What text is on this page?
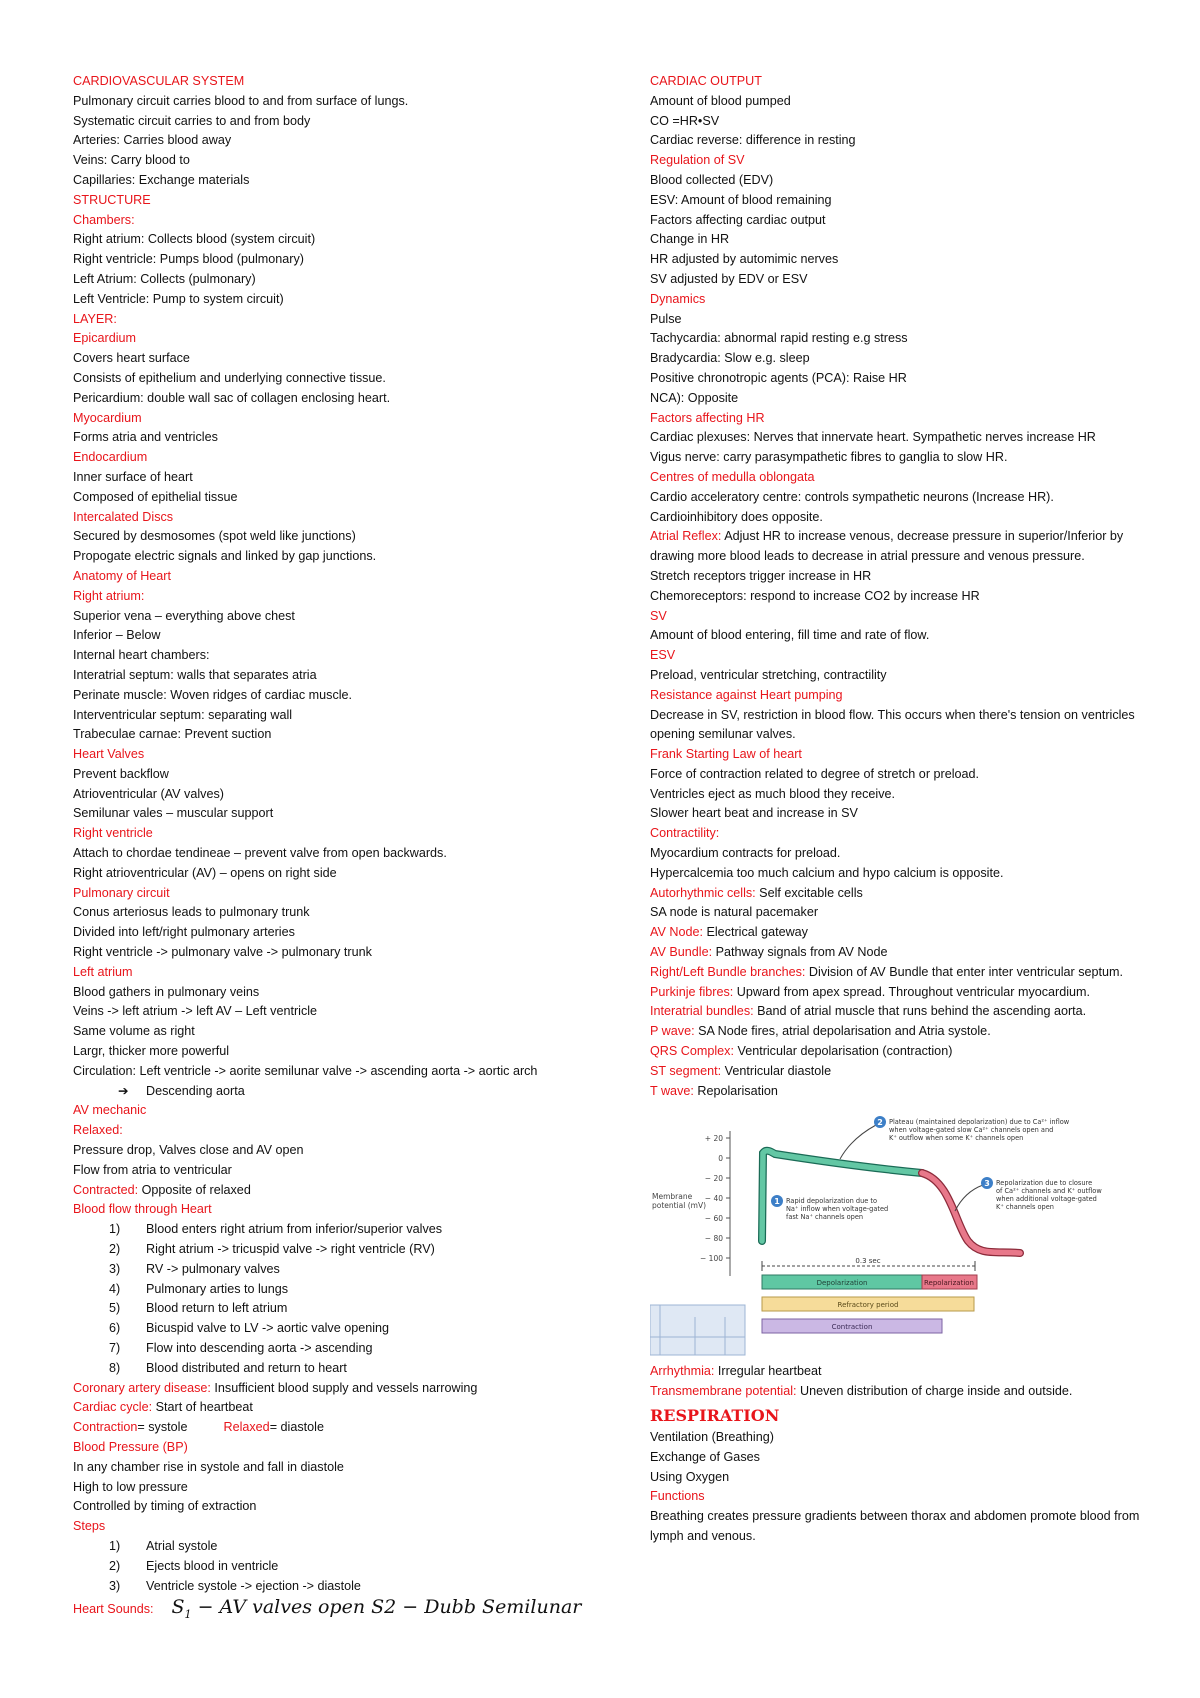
CARDIOVASCULAR SYSTEM
Pulmonary circuit carries blood to and from surface of lungs.
Systematic circuit carries to and from body
Arteries: Carries blood away
Veins: Carry blood to
Capillaries: Exchange materials
STRUCTURE
Chambers:
Right atrium: Collects blood (system circuit)
Right ventricle: Pumps blood (pulmonary)
Left Atrium: Collects (pulmonary)
Left Ventricle: Pump to system circuit)
LAYER:
Epicardium
Covers heart surface
Consists of epithelium and underlying connective tissue.
Pericardium: double wall sac of collagen enclosing heart.
Myocardium
Forms atria and ventricles
Endocardium
Inner surface of heart
Composed of epithelial tissue
Intercalated Discs
Secured by desmosomes (spot weld like junctions)
Propogate electric signals and linked by gap junctions.
Anatomy of Heart
Right atrium:
Superior vena – everything above chest
Inferior – Below
Internal heart chambers:
Interatrial septum: walls that separates atria
Perinate muscle: Woven ridges of cardiac muscle.
Interventricular septum: separating wall
Trabeculae carnae: Prevent suction
Heart Valves
Prevent backflow
Atrioventricular (AV valves)
Semilunar vales – muscular support
Right ventricle
Attach to chordae tendineae – prevent valve from open backwards.
Right atrioventricular (AV) – opens on right side
Pulmonary circuit
Conus arteriosus leads to pulmonary trunk
Divided into left/right pulmonary arteries
Right ventricle -> pulmonary valve -> pulmonary trunk
Left atrium
Blood gathers in pulmonary veins
Veins -> left atrium -> left AV – Left ventricle
Same volume as right
Largr, thicker more powerful
Circulation: Left ventricle -> aorite semilunar valve -> ascending aorta -> aortic arch
➔ Descending aorta
AV mechanic
Relaxed:
Pressure drop, Valves close and AV open
Flow from atria to ventricular
Contracted: Opposite of relaxed
Blood flow through Heart
1) Blood enters right atrium from inferior/superior valves
2) Right atrium -> tricuspid valve -> right ventricle (RV)
3) RV -> pulmonary valves
4) Pulmonary arties to lungs
5) Blood return to left atrium
6) Bicuspid valve to LV -> aortic valve opening
7) Flow into descending aorta -> ascending
8) Blood distributed and return to heart
Coronary artery disease: Insufficient blood supply and vessels narrowing
Cardiac cycle: Start of heartbeat
Contraction= systole	Relaxed= diastole
Blood Pressure (BP)
In any chamber rise in systole and fall in diastole
High to low pressure
Controlled by timing of extraction
Steps
1) Atrial systole
2) Ejects blood in ventricle
3) Ventricle systole -> ejection -> diastole
Heart Sounds: $S_1$ − AV valves open S2 − Dubb Semilunar
CARDIAC OUTPUT
Amount of blood pumped
CO =HR•SV
Cardiac reverse: difference in resting
Regulation of SV
Blood collected (EDV)
ESV: Amount of blood remaining
Factors affecting cardiac output
Change in HR
HR adjusted by automimic nerves
SV adjusted by EDV or ESV
Dynamics
Pulse
Tachycardia: abnormal rapid resting e.g stress
Bradycardia: Slow e.g. sleep
Positive chronotropic agents (PCA): Raise HR
NCA): Opposite
Factors affecting HR
Cardiac plexuses: Nerves that innervate heart. Sympathetic nerves increase HR
Vigus nerve: carry parasympathetic fibres to ganglia to slow HR.
Centres of medulla oblongata
Cardio acceleratory centre: controls sympathetic neurons (Increase HR).
Cardioinhibitory does opposite.
Atrial Reflex: Adjust HR to increase venous, decrease pressure in superior/Inferior by drawing more blood leads to decrease in atrial pressure and venous pressure.
Stretch receptors trigger increase in HR
Chemoreceptors: respond to increase CO2 by increase HR
SV
Amount of blood entering, fill time and rate of flow.
ESV
Preload, ventricular stretching, contractility
Resistance against Heart pumping
Decrease in SV, restriction in blood flow. This occurs when there's tension on ventricles opening semilunar valves.
Frank Starting Law of heart
Force of contraction related to degree of stretch or preload.
Ventricles eject as much blood they receive.
Slower heart beat and increase in SV
Contractility:
Myocardium contracts for preload.
Hypercalcemia too much calcium and hypo calcium is opposite.
Autorhythmic cells: Self excitable cells
SA node is natural pacemaker
AV Node: Electrical gateway
AV Bundle: Pathway signals from AV Node
Right/Left Bundle branches: Division of AV Bundle that enter inter ventricular septum.
Purkinje fibres: Upward from apex spread. Throughout ventricular myocardium.
Interatrial bundles: Band of atrial muscle that runs behind the ascending aorta.
P wave: SA Node fires, atrial depolarisation and Atria systole.
QRS Complex: Ventricular depolarisation (contraction)
ST segment: Ventricular diastole
T wave: Repolarisation
+ 20
0
− 20
− 40
− 60
− 80
− 100
Membrane
potential (mV)
2 Plateau (maintained depolarization) due to Ca²⁺ inflow
when voltage-gated slow Ca²⁺ channels open and
K⁺ outflow when some K⁺ channels open
1 Rapid depolarization due to
Na⁺ inflow when voltage-gated
fast Na⁺ channels open
3 Repolarization due to closure
of Ca²⁺ channels and K⁺ outflow
when additional voltage-gated
K⁺ channels open
0.3 sec
Depolarization	Repolarization
Refractory period
Contraction
Arrhythmia: Irregular heartbeat
Transmembrane potential: Uneven distribution of charge inside and outside.
RESPIRATION
Ventilation (Breathing)
Exchange of Gases
Using Oxygen
Functions
Breathing creates pressure gradients between thorax and abdomen promote blood from lymph and venous.
